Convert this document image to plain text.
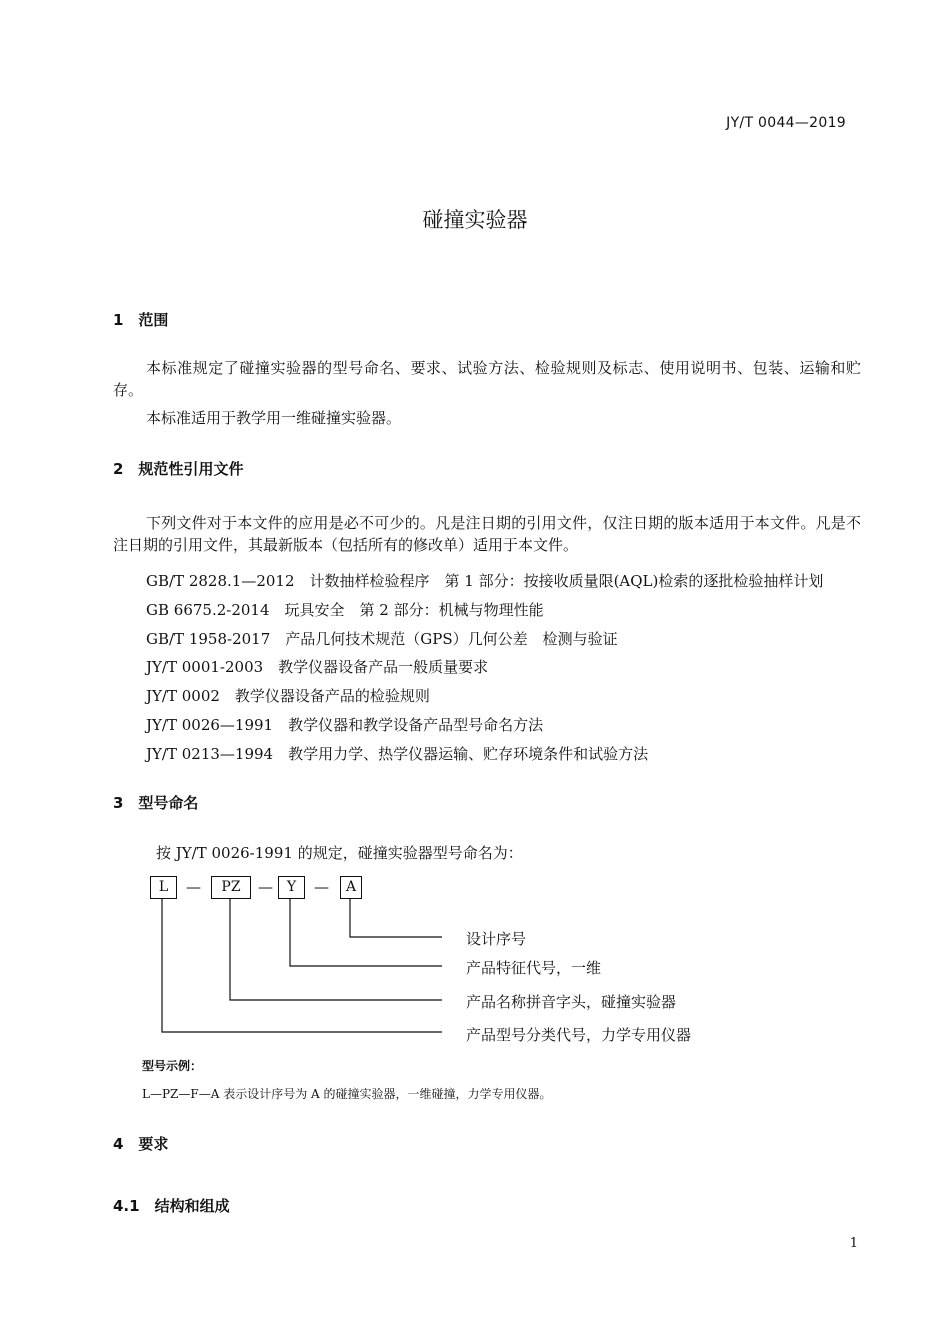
JY/T 0044—2019
碰撞实验器
1　范围
本标准规定了碰撞实验器的型号命名、要求、试验方法、检验规则及标志、使用说明书、包装、运输和贮存。
本标准适用于教学用一维碰撞实验器。
2　规范性引用文件
下列文件对于本文件的应用是必不可少的。凡是注日期的引用文件，仅注日期的版本适用于本文件。凡是不注日期的引用文件，其最新版本（包括所有的修改单）适用于本文件。
GB/T 2828.1—2012　计数抽样检验程序　第 1 部分：按接收质量限(AQL)检索的逐批检验抽样计划
GB 6675.2-2014　玩具安全　第 2 部分：机械与物理性能
GB/T 1958-2017　产品几何技术规范（GPS）几何公差　检测与验证
JY/T 0001-2003　教学仪器设备产品一般质量要求
JY/T 0002　教学仪器设备产品的检验规则
JY/T 0026—1991　教学仪器和教学设备产品型号命名方法
JY/T 0213—1994　教学用力学、热学仪器运输、贮存环境条件和试验方法
3　型号命名
按 JY/T 0026-1991 的规定，碰撞实验器型号命名为：
L	—	PZ	— Y	—	A
设计序号
产品特征代号，一维
产品名称拼音字头，碰撞实验器
产品型号分类代号，力学专用仪器
型号示例：
L—PZ—F—A 表示设计序号为 A 的碰撞实验器，一维碰撞，力学专用仪器。
4　要求
4.1　结构和组成
1
